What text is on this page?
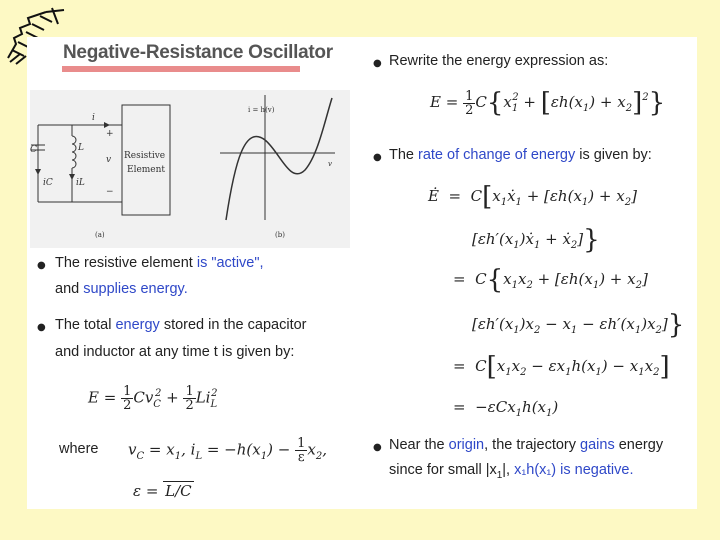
Negative-Resistance Oscillator
C	L
i
+
v
−
iC	iL
Resistive
Element
(a)	(b)
i = h(v)
v
● The resistive element is "active",
and supplies energy.
● The total energy stored in the capacitor
and inductor at any time t is given by:
$E = \frac{1}{2} Cv_C^2 + \frac{1}{2} Li_L^2$
where $v_C = x_1$, $i_L = -h(x_1) - \frac{1}{\varepsilon} x_2$,
ε = L/C
● Rewrite the energy expression as:
$E = \frac{1}{2} C\{x_1^2 + [\varepsilon h(x_1) + x_2]^2\}$
● The rate of change of energy is given by:
Ė  =  $C[x_1ẋ_1 + [\varepsilon h(x_1) + x_2]$
[$\varepsilon h'(x_1)ẋ_1$ + ẋ$_2$]}
=  $C\{x_1x_2 + [\varepsilon h(x_1) + x_2]$
$[\varepsilon h'(x_1)x_2 - x_1 - \varepsilon h'(x_1)x_2]$}
=  $C[x_1x_2 - \varepsilon x_1h(x_1) - x_1x_2]$
=  $-\varepsilon Cx_1h(x_1)$
● Near the origin, the trajectory gains energy
since for small $|x_1|$, x₁h(x₁) is negative.
